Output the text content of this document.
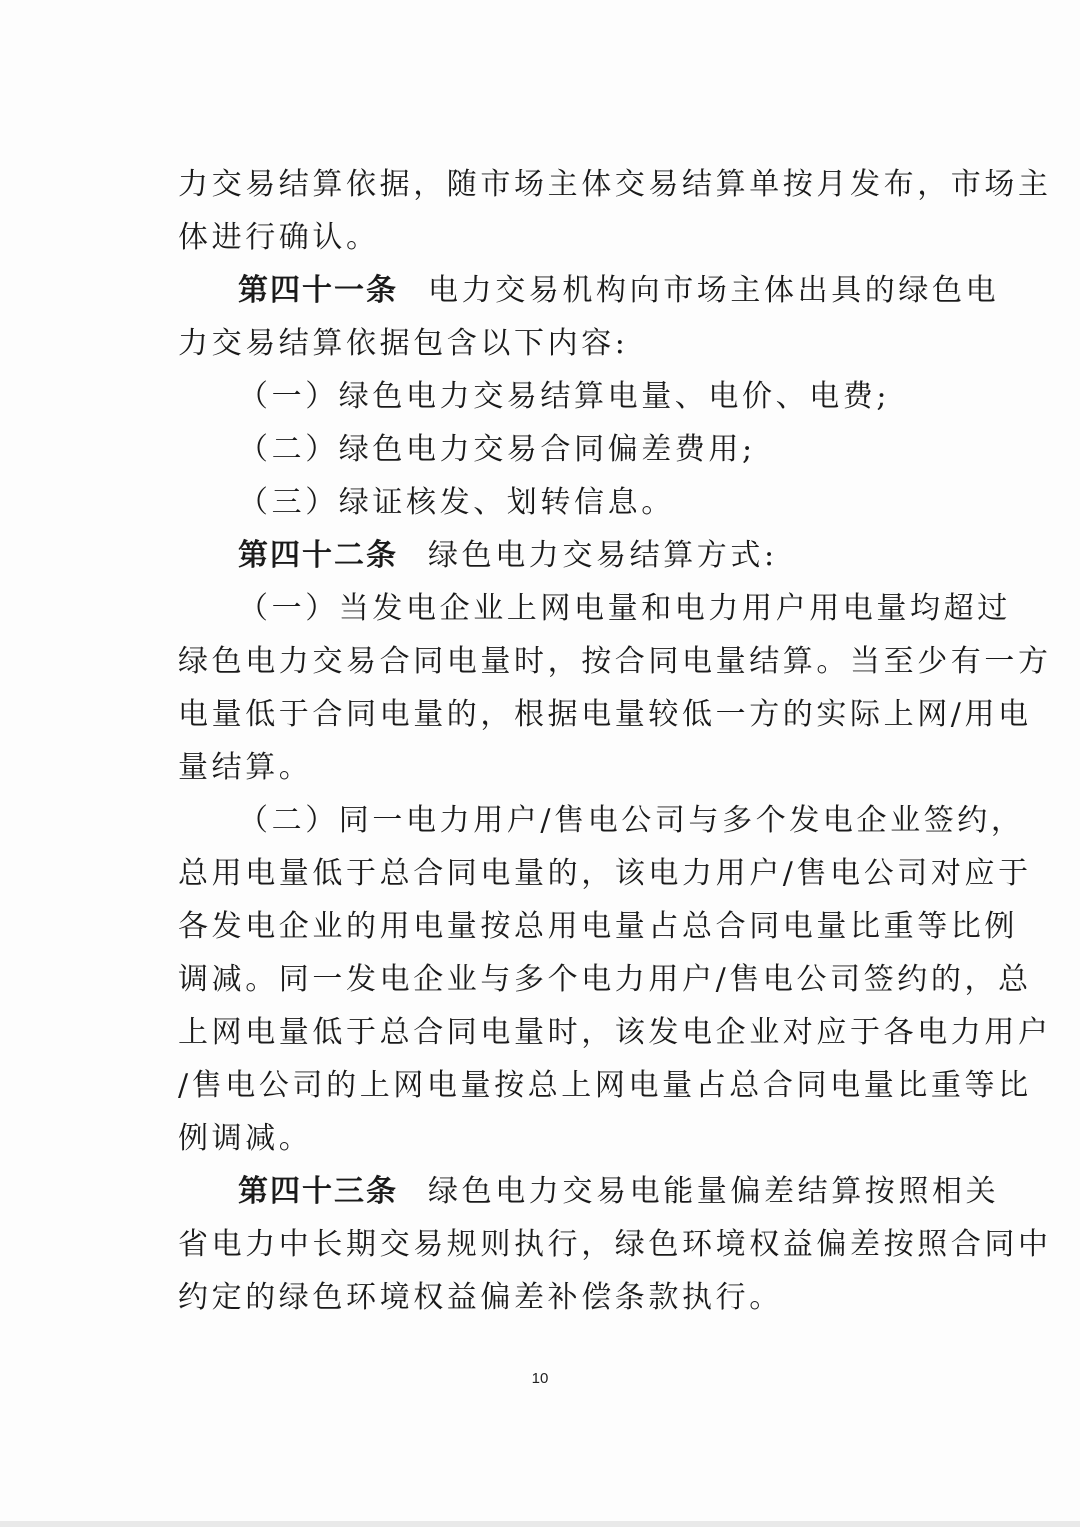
力交易结算依据，随市场主体交易结算单按月发布，市场主
体进行确认。
第四十一条 电力交易机构向市场主体出具的绿色电
力交易结算依据包含以下内容:
（一）绿色电力交易结算电量、电价、电费;
（二）绿色电力交易合同偏差费用;
（三）绿证核发、划转信息。
第四十二条 绿色电力交易结算方式:
（一）当发电企业上网电量和电力用户用电量均超过
绿色电力交易合同电量时，按合同电量结算。当至少有一方
电量低于合同电量的，根据电量较低一方的实际上网/用电
量结算。
（二）同一电力用户/售电公司与多个发电企业签约，
总用电量低于总合同电量的，该电力用户/售电公司对应于
各发电企业的用电量按总用电量占总合同电量比重等比例
调减。同一发电企业与多个电力用户/售电公司签约的，总
上网电量低于总合同电量时，该发电企业对应于各电力用户
/售电公司的上网电量按总上网电量占总合同电量比重等比
例调减。
第四十三条 绿色电力交易电能量偏差结算按照相关
省电力中长期交易规则执行，绿色环境权益偏差按照合同中
约定的绿色环境权益偏差补偿条款执行。
10
